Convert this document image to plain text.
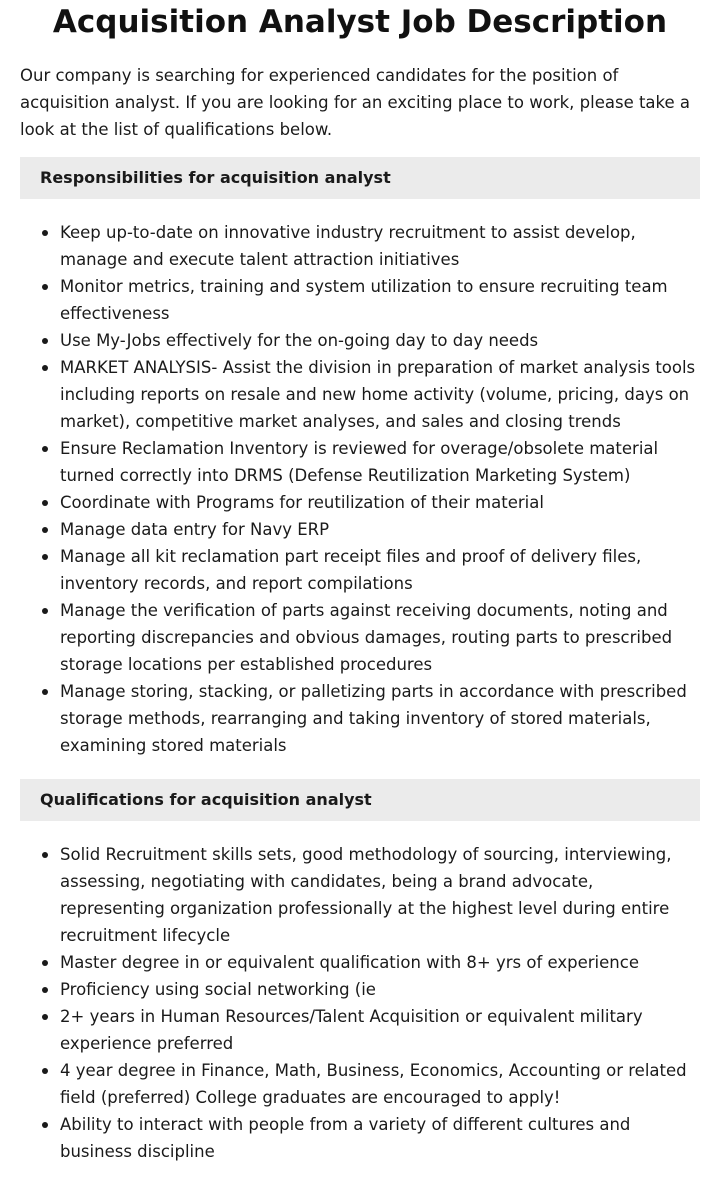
Acquisition Analyst Job Description

Our company is searching for experienced candidates for the position of acquisition analyst. If you are looking for an exciting place to work, please take a look at the list of qualifications below.

Responsibilities for acquisition analyst
Keep up-to-date on innovative industry recruitment to assist develop, manage and execute talent attraction initiatives
Monitor metrics, training and system utilization to ensure recruiting team effectiveness
Use My-Jobs effectively for the on-going day to day needs
MARKET ANALYSIS- Assist the division in preparation of market analysis tools including reports on resale and new home activity (volume, pricing, days on market), competitive market analyses, and sales and closing trends
Ensure Reclamation Inventory is reviewed for overage/obsolete material turned correctly into DRMS (Defense Reutilization Marketing System)
Coordinate with Programs for reutilization of their material
Manage data entry for Navy ERP
Manage all kit reclamation part receipt files and proof of delivery files, inventory records, and report compilations
Manage the verification of parts against receiving documents, noting and reporting discrepancies and obvious damages, routing parts to prescribed storage locations per established procedures
Manage storing, stacking, or palletizing parts in accordance with prescribed storage methods, rearranging and taking inventory of stored materials, examining stored materials
Qualifications for acquisition analyst
Solid Recruitment skills sets, good methodology of sourcing, interviewing, assessing, negotiating with candidates, being a brand advocate, representing organization professionally at the highest level during entire recruitment lifecycle
Master degree in or equivalent qualification with 8+ yrs of experience
Proficiency using social networking (ie
2+ years in Human Resources/Talent Acquisition or equivalent military experience preferred
4 year degree in Finance, Math, Business, Economics, Accounting or related field (preferred) College graduates are encouraged to apply!
Ability to interact with people from a variety of different cultures and business discipline
